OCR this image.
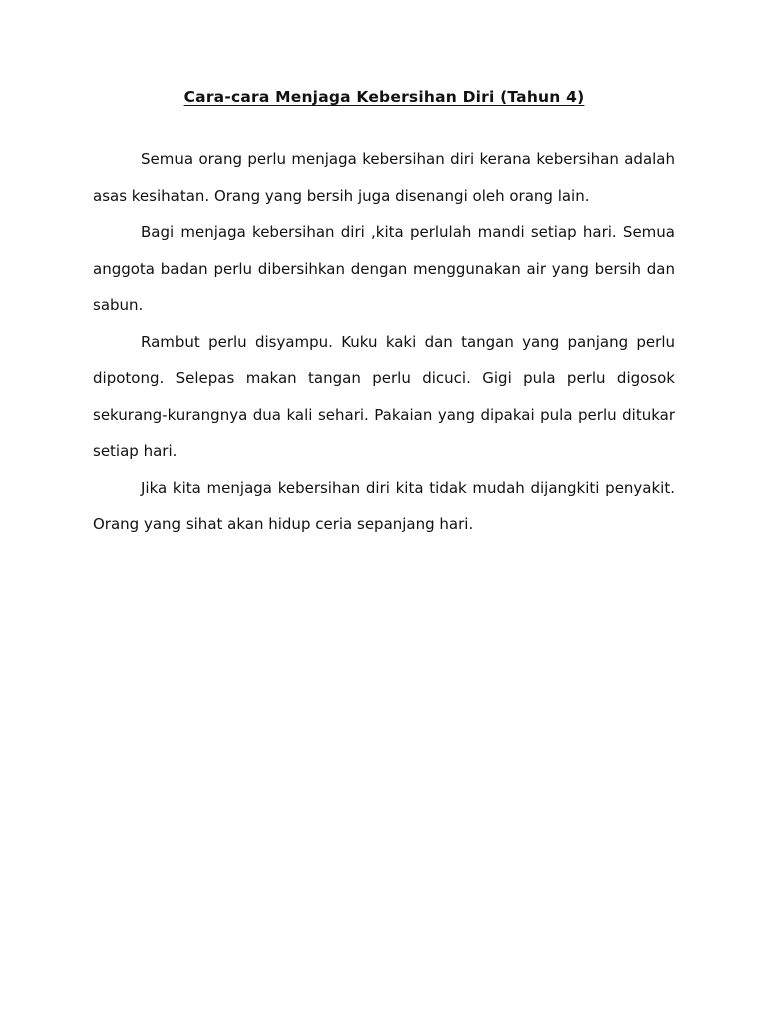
Cara-cara Menjaga Kebersihan Diri (Tahun 4)

Semua orang perlu menjaga kebersihan diri kerana kebersihan adalah asas kesihatan. Orang yang bersih juga disenangi oleh orang lain.

Bagi menjaga kebersihan diri ,kita perlulah mandi setiap hari. Semua anggota badan perlu dibersihkan dengan menggunakan air yang bersih dan sabun.

Rambut perlu disyampu. Kuku kaki dan tangan yang panjang perlu dipotong. Selepas makan tangan perlu dicuci. Gigi pula perlu digosok sekurang-kurangnya dua kali sehari. Pakaian yang dipakai pula perlu ditukar setiap hari.

Jika kita menjaga kebersihan diri kita tidak mudah dijangkiti penyakit. Orang yang sihat akan hidup ceria sepanjang hari.
